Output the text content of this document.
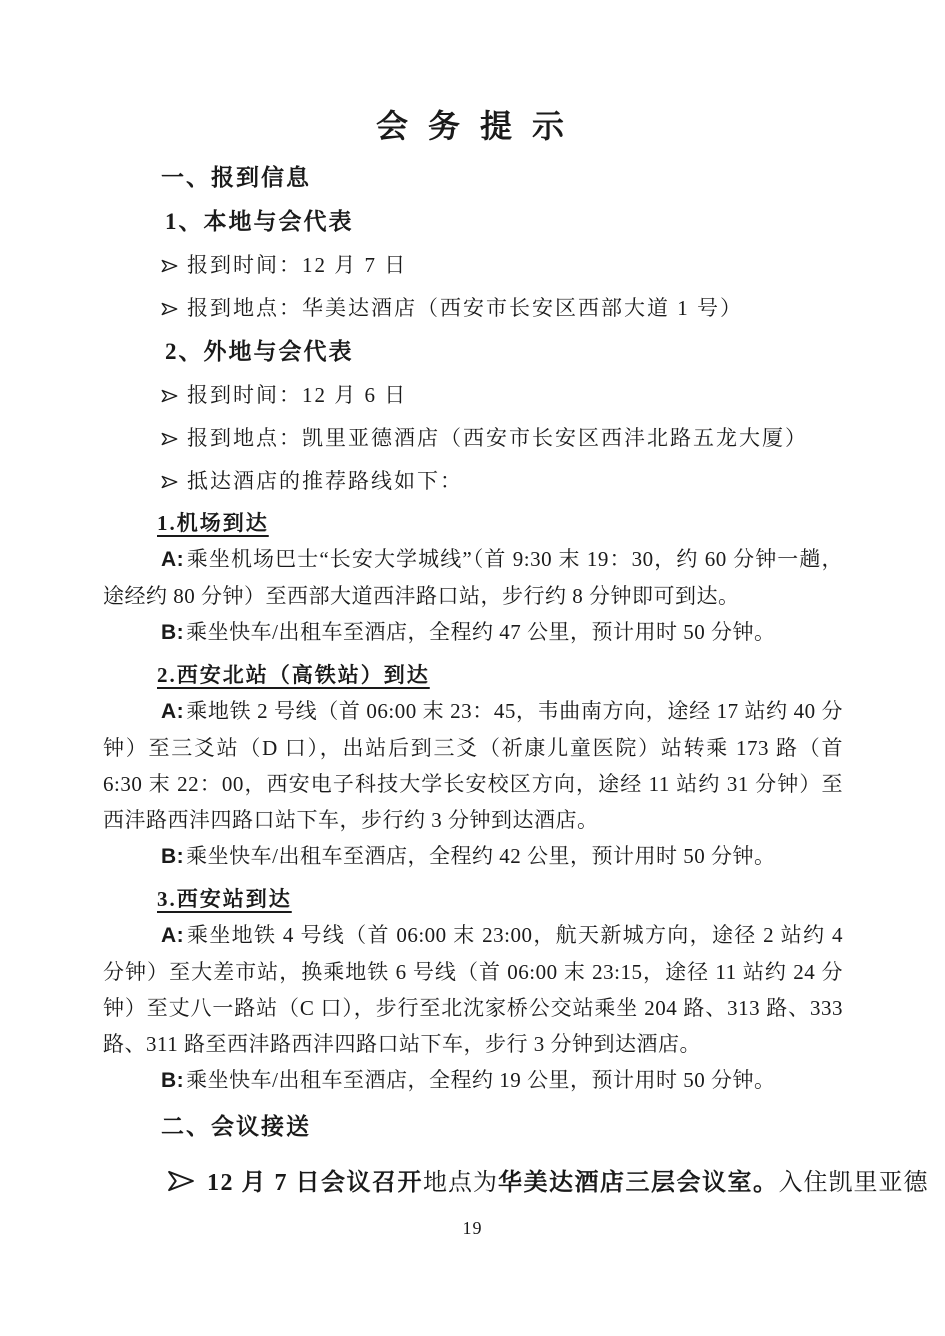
会 务 提 示

一、报到信息

1、本地与会代表

报到时间：12 月 7 日

报到地点：华美达酒店（西安市长安区西部大道 1 号）

2、外地与会代表

报到时间：12 月 6 日

报到地点：凯里亚德酒店（西安市长安区西沣北路五龙大厦）

抵达酒店的推荐路线如下：

1.机场到达

A:乘坐机场巴士“长安大学城线”（首 9:30 末 19：30，约 60 分钟一趟，途经约 80 分钟）至西部大道西沣路口站，步行约 8 分钟即可到达。

B:乘坐快车/出租车至酒店，全程约 47 公里，预计用时 50 分钟。

2.西安北站（高铁站）到达

A:乘地铁 2 号线（首 06:00 末 23：45，韦曲南方向，途经 17 站约 40 分钟）至三爻站（D 口），出站后到三爻（祈康儿童医院）站转乘 173 路（首 6:30 末 22：00，西安电子科技大学长安校区方向，途经 11 站约 31 分钟）至西沣路西沣四路口站下车，步行约 3 分钟到达酒店。

B:乘坐快车/出租车至酒店，全程约 42 公里，预计用时 50 分钟。

3.西安站到达

A:乘坐地铁 4 号线（首 06:00 末 23:00，航天新城方向，途径 2 站约 4 分钟）至大差市站，换乘地铁 6 号线（首 06:00 末 23:15，途径 11 站约 24 分钟）至丈八一路站（C 口），步行至北沈家桥公交站乘坐 204 路、313 路、333 路、311 路至西沣路西沣四路口站下车，步行 3 分钟到达酒店。

B:乘坐快车/出租车至酒店，全程约 19 公里，预计用时 50 分钟。

二、会议接送

12 月 7 日会议召开地点为华美达酒店三层会议室。入住凯里亚德

19
